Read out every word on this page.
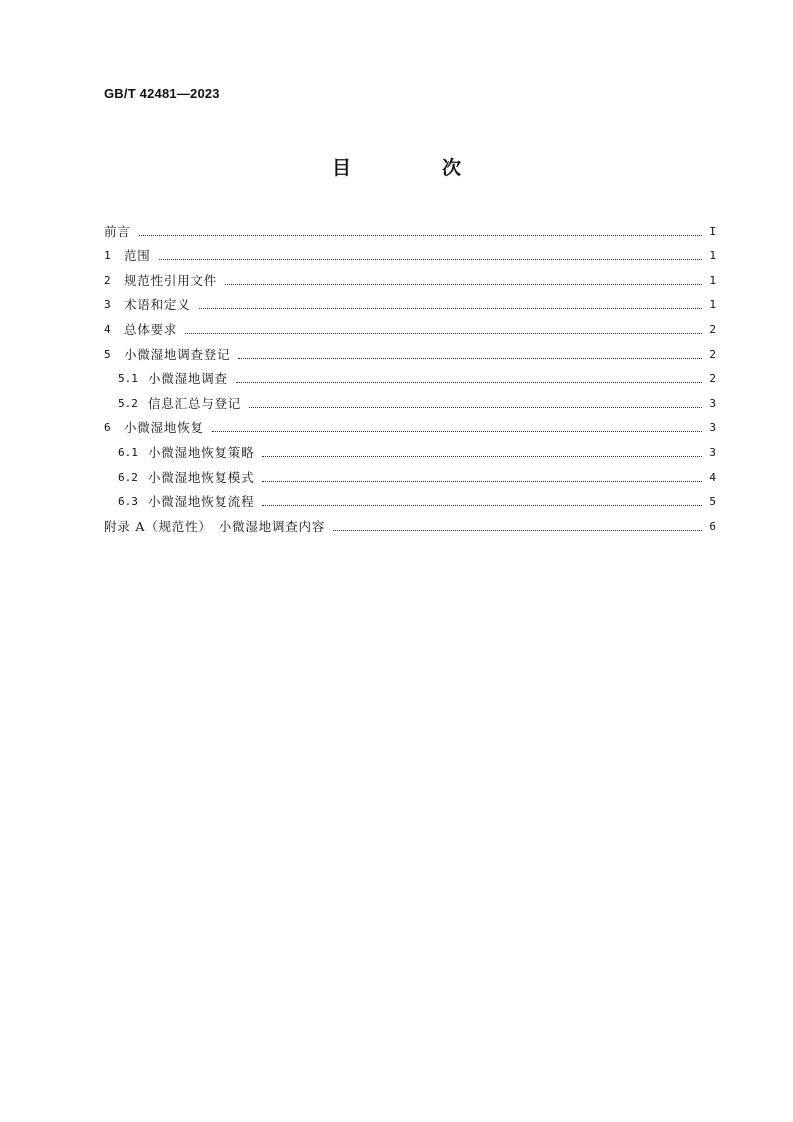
GB/T 42481—2023
目　次
前言	I
1	范围	1
2	规范性引用文件	1
3	术语和定义	1
4	总体要求	2
5	小微湿地调查登记	2
5.1 小微湿地调查	2
5.2 信息汇总与登记	3
6	小微湿地恢复	3
6.1 小微湿地恢复策略	3
6.2 小微湿地恢复模式	4
6.3 小微湿地恢复流程	5
附录 A（规范性）　小微湿地调查内容	6
